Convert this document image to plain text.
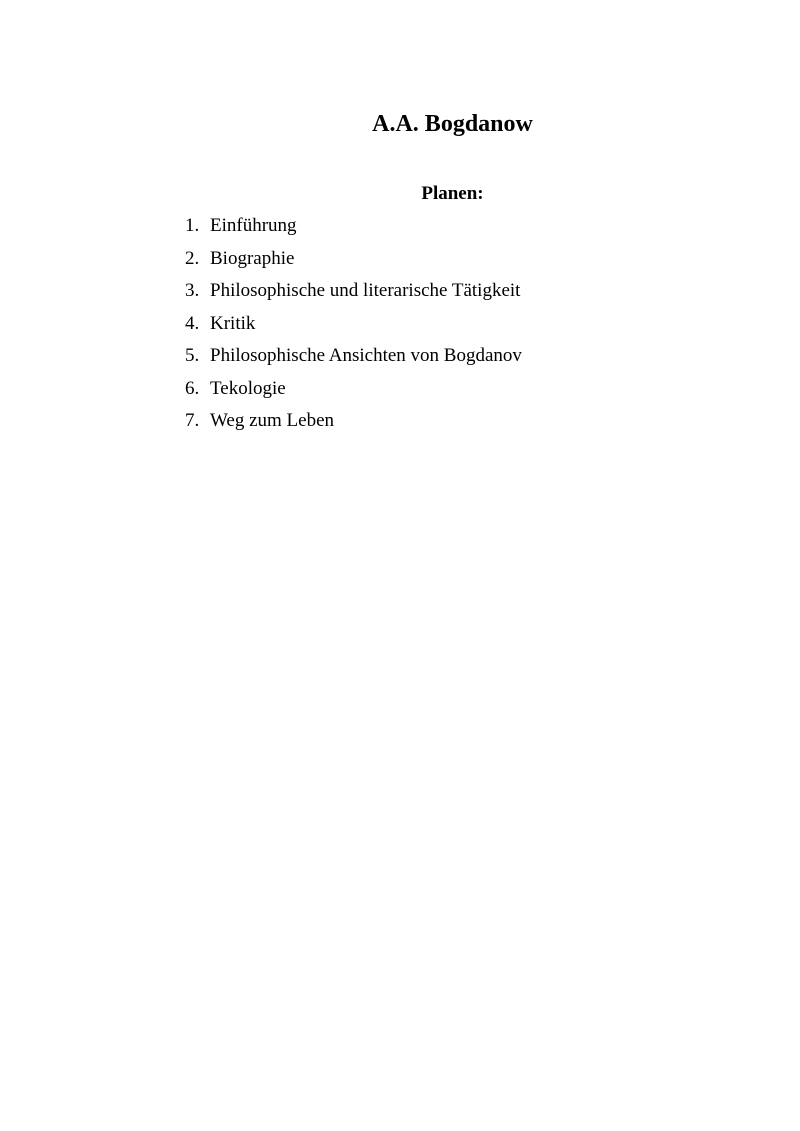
A.A. Bogdanow
Planen:
1. Einführung
2. Biographie
3. Philosophische und literarische Tätigkeit
4. Kritik
5. Philosophische Ansichten von Bogdanov
6. Tekologie
7. Weg zum Leben
